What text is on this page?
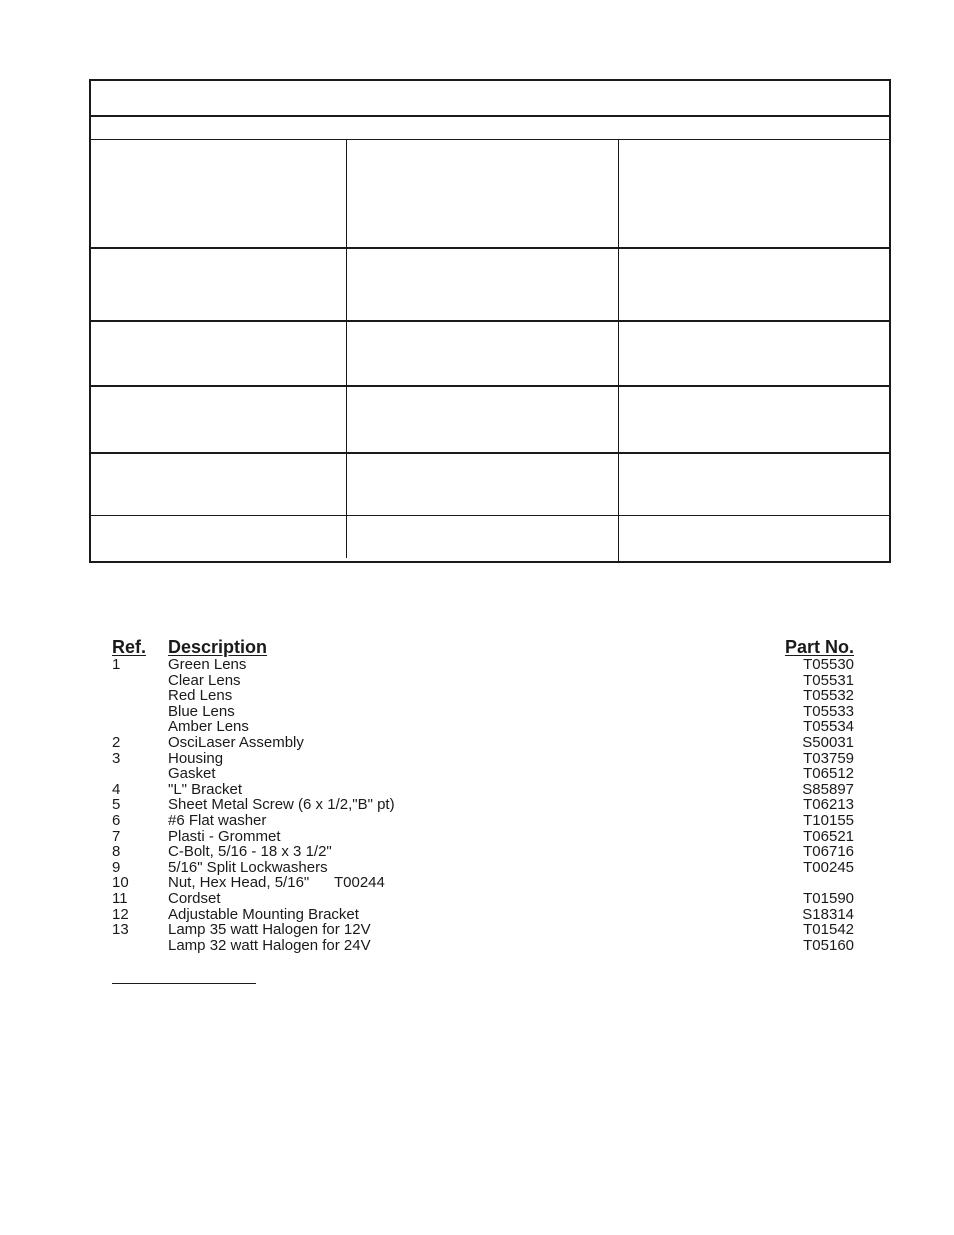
Ref.	Description	Part No.
1	Green Lens	T05530
Clear Lens	T05531
Red Lens	T05532
Blue Lens	T05533
Amber Lens	T05534
2	OsciLaser Assembly	S50031
3	Housing	T03759
Gasket	T06512
4	"L" Bracket	S85897
5	Sheet Metal Screw (6 x 1/2,"B" pt)	T06213
6	#6 Flat washer	T10155
7	Plasti - Grommet	T06521
8	C-Bolt, 5/16 - 18 x 3 1/2"	T06716
9	5/16" Split Lockwashers	T00245
10	Nut, Hex Head, 5/16"      T00244
11	Cordset	T01590
12	Adjustable Mounting Bracket	S18314
13	Lamp 35 watt Halogen for 12V	T01542
Lamp 32 watt Halogen for 24V	T05160
